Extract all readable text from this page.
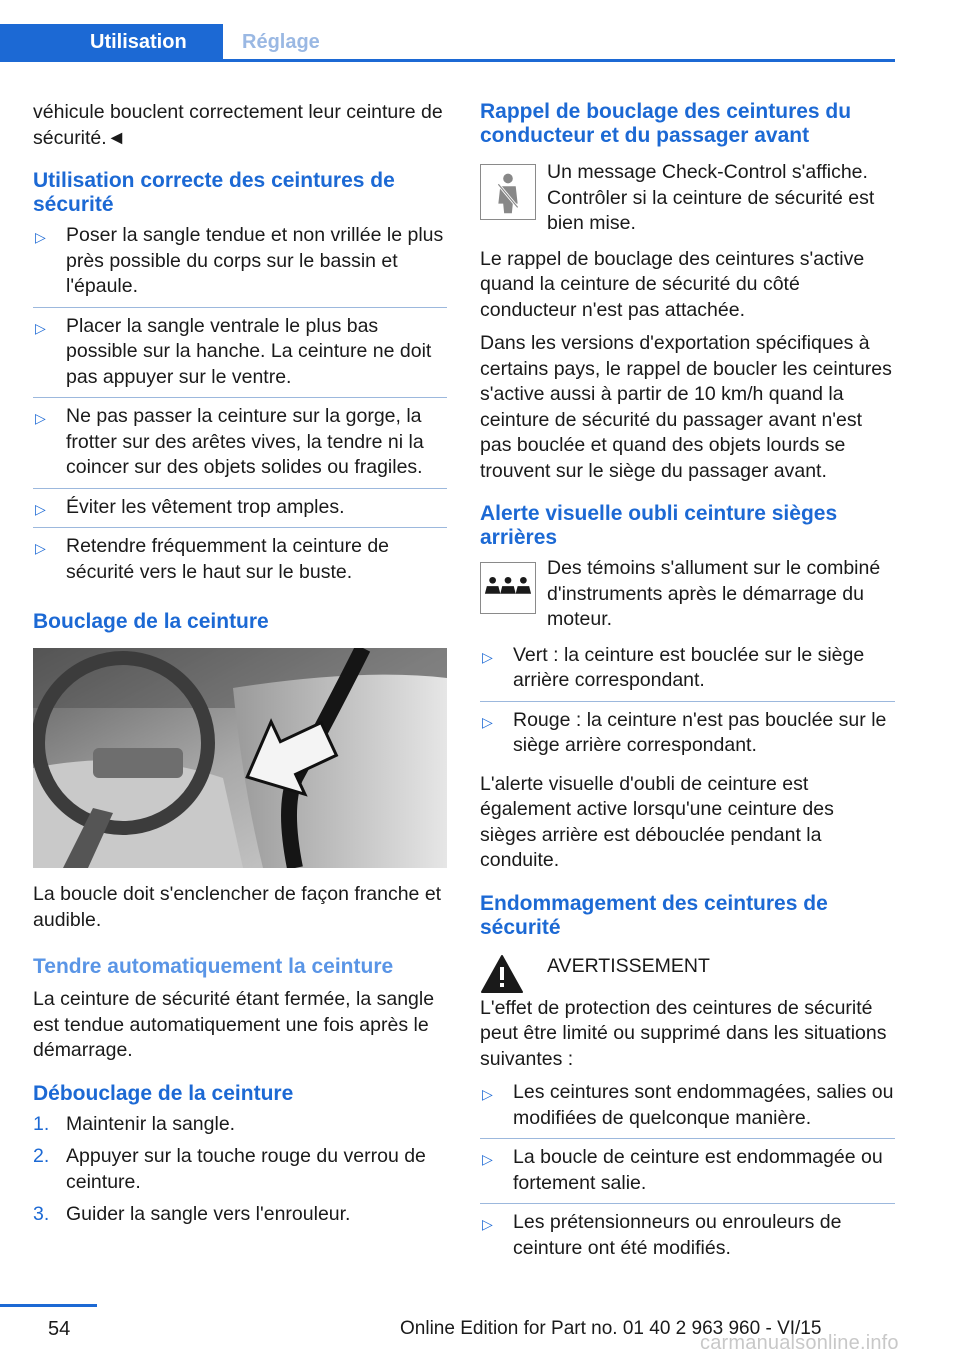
Utilisation	Réglage

véhicule bouclent correctement leur ceinture de sécurité.◄

Utilisation correcte des ceintures de sécurité
▷ Poser la sangle tendue et non vrillée le plus près possible du corps sur le bassin et l'épaule.
▷ Placer la sangle ventrale le plus bas possible sur la hanche. La ceinture ne doit pas appuyer sur le ventre.
▷ Ne pas passer la ceinture sur la gorge, la frotter sur des arêtes vives, la tendre ni la coincer sur des objets solides ou fragiles.
▷ Éviter les vêtement trop amples.
▷ Retendre fréquemment la ceinture de sécurité vers le haut sur le buste.
Bouclage de la ceinture

La boucle doit s'enclencher de façon franche et audible.

Tendre automatiquement la ceinture

La ceinture de sécurité étant fermée, la sangle est tendue automatiquement une fois après le démarrage.

Débouclage de la ceinture
1. Maintenir la sangle.
2. Appuyer sur la touche rouge du verrou de ceinture.
3. Guider la sangle vers l'enrouleur.
Rappel de bouclage des ceintures du conducteur et du passager avant

Un message Check-Control s'affiche. Contrôler si la ceinture de sécurité est bien mise.

Le rappel de bouclage des ceintures s'active quand la ceinture de sécurité du côté conducteur n'est pas attachée.

Dans les versions d'exportation spécifiques à certains pays, le rappel de boucler les ceintures s'active aussi à partir de 10 km/h quand la ceinture de sécurité du passager avant n'est pas bouclée et quand des objets lourds se trouvent sur le siège du passager avant.

Alerte visuelle oubli ceinture sièges arrières

Des témoins s'allument sur le combiné d'instruments après le démarrage du moteur.

▷ Vert : la ceinture est bouclée sur le siège arrière correspondant.
▷ Rouge : la ceinture n'est pas bouclée sur le siège arrière correspondant.

L'alerte visuelle d'oubli de ceinture est également active lorsqu'une ceinture des sièges arrière est débouclée pendant la conduite.

Endommagement des ceintures de sécurité

AVERTISSEMENT

L'effet de protection des ceintures de sécurité peut être limité ou supprimé dans les situations suivantes :

▷ Les ceintures sont endommagées, salies ou modifiées de quelconque manière.
▷ La boucle de ceinture est endommagée ou fortement salie.
▷ Les prétensionneurs ou enrouleurs de ceinture ont été modifiés.
54	Online Edition for Part no. 01 40 2 963 960 - VI/15
carmanualsonline.info
